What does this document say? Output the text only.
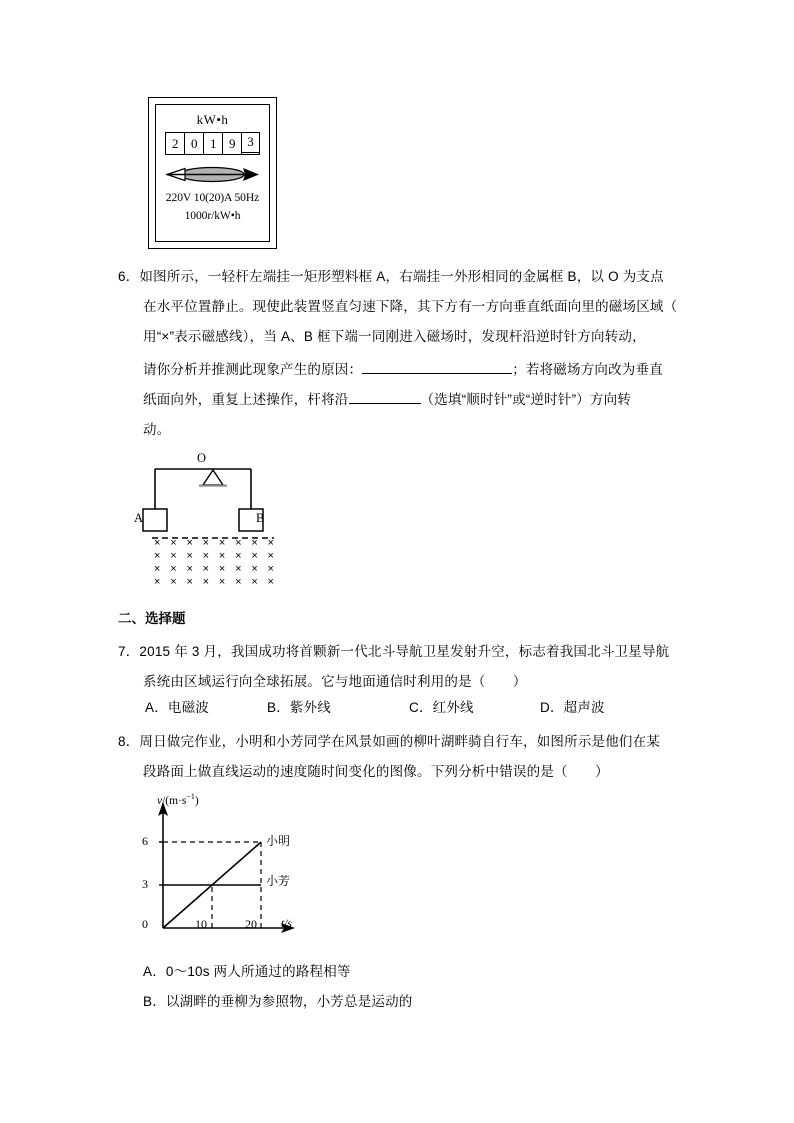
kW•h
2 0 1 9 3
220V 10(20)A 50Hz
1000r/kW•h
6．如图所示，一轻杆左端挂一矩形塑料框 A，右端挂一外形相同的金属框 B，以 O 为支点
在水平位置静止。现使此装置竖直匀速下降，其下方有一方向垂直纸面向里的磁场区域（
用“×”表示磁感线），当 A、B 框下端一同刚进入磁场时，发现杆沿逆时针方向转动，
请你分析并推测此现象产生的原因：	；若将磁场方向改为垂直
纸面向外，重复上述操作，杆将沿	（选填“顺时针”或“逆时针”）方向转
动。
O
A	B
× × × × × × × ×
× × × × × × × ×
× × × × × × × ×
× × × × × × × ×
二、选择题
7．2015 年 3 月，我国成功将首颗新一代北斗导航卫星发射升空，标志着我国北斗卫星导航
系统由区域运行向全球拓展。它与地面通信时利用的是（　　）
A．电磁波	B．紫外线	C．红外线	D．超声波
8．周日做完作业，小明和小芳同学在风景如画的柳叶湖畔骑自行车，如图所示是他们在某
段路面上做直线运动的速度随时间变化的图像。下列分析中错误的是（　　）
$v/(m\cdot s^{-1})$
t/s
6
3
0	10	20
小明
小芳
A．0～10s 两人所通过的路程相等
B．以湖畔的垂柳为参照物，小芳总是运动的
